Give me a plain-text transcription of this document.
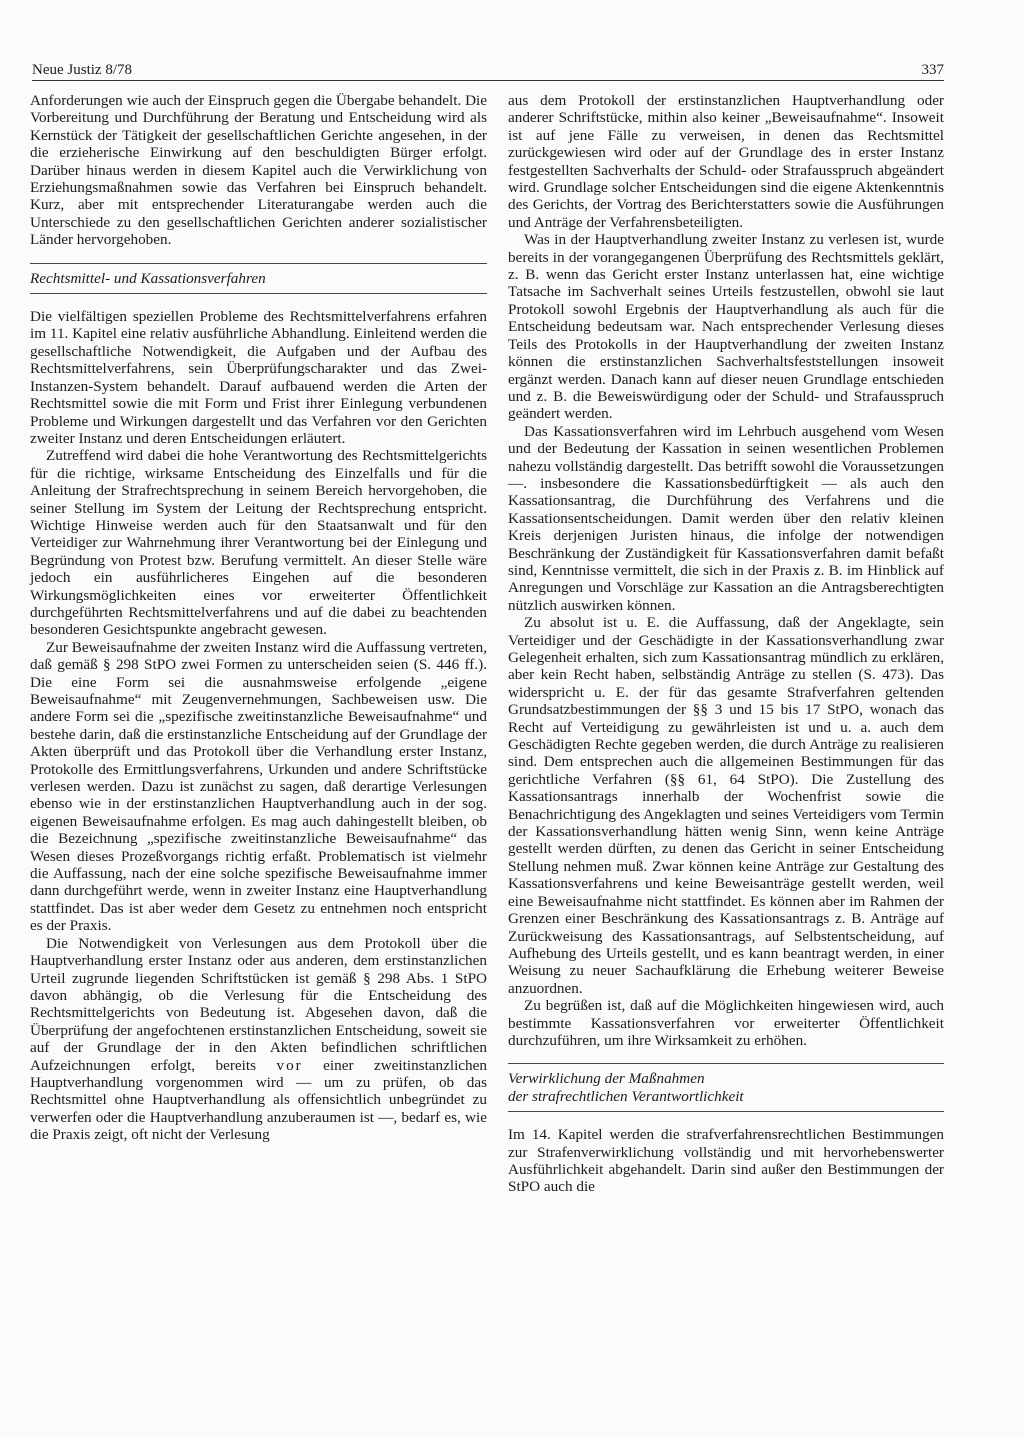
Neue Justiz 8/78	337

Anforderungen wie auch der Einspruch gegen die Übergabe behandelt. Die Vorbereitung und Durchführung der Beratung und Entscheidung wird als Kernstück der Tätigkeit der gesellschaftlichen Gerichte angesehen, in der die erzieherische Einwirkung auf den beschuldigten Bürger erfolgt. Darüber hinaus werden in diesem Kapitel auch die Verwirklichung von Erziehungsmaßnahmen sowie das Verfahren bei Einspruch behandelt. Kurz, aber mit entsprechender Literaturangabe werden auch die Unterschiede zu den gesellschaftlichen Gerichten anderer sozialistischer Länder hervorgehoben.

Rechtsmittel- und Kassationsverfahren

Die vielfältigen speziellen Probleme des Rechtsmittelverfahrens erfahren im 11. Kapitel eine relativ ausführliche Abhandlung. Einleitend werden die gesellschaftliche Notwendigkeit, die Aufgaben und der Aufbau des Rechtsmittelverfahrens, sein Überprüfungscharakter und das Zwei-Instanzen-System behandelt. Darauf aufbauend werden die Arten der Rechtsmittel sowie die mit Form und Frist ihrer Einlegung verbundenen Probleme und Wirkungen dargestellt und das Verfahren vor den Gerichten zweiter Instanz und deren Entscheidungen erläutert.

Zutreffend wird dabei die hohe Verantwortung des Rechtsmittelgerichts für die richtige, wirksame Entscheidung des Einzelfalls und für die Anleitung der Strafrechtsprechung in seinem Bereich hervorgehoben, die seiner Stellung im System der Leitung der Rechtsprechung entspricht. Wichtige Hinweise werden auch für den Staatsanwalt und für den Verteidiger zur Wahrnehmung ihrer Verantwortung bei der Einlegung und Begründung von Protest bzw. Berufung vermittelt. An dieser Stelle wäre jedoch ein ausführlicheres Eingehen auf die besonderen Wirkungsmöglichkeiten eines vor erweiterter Öffentlichkeit durchgeführten Rechtsmittelverfahrens und auf die dabei zu beachtenden besonderen Gesichtspunkte angebracht gewesen.

Zur Beweisaufnahme der zweiten Instanz wird die Auffassung vertreten, daß gemäß § 298 StPO zwei Formen zu unterscheiden seien (S. 446 ff.). Die eine Form sei die ausnahmsweise erfolgende „eigene Beweisaufnahme“ mit Zeugenvernehmungen, Sachbeweisen usw. Die andere Form sei die „spezifische zweitinstanzliche Beweisaufnahme“ und bestehe darin, daß die erstinstanzliche Entscheidung auf der Grundlage der Akten überprüft und das Protokoll über die Verhandlung erster Instanz, Protokolle des Ermittlungsverfahrens, Urkunden und andere Schriftstücke verlesen werden. Dazu ist zunächst zu sagen, daß derartige Verlesungen ebenso wie in der erstinstanzlichen Hauptverhandlung auch in der sog. eigenen Beweisaufnahme erfolgen. Es mag auch dahingestellt bleiben, ob die Bezeichnung „spezifische zweitinstanzliche Beweisaufnahme“ das Wesen dieses Prozeßvorgangs richtig erfaßt. Problematisch ist vielmehr die Auffassung, nach der eine solche spezifische Beweisaufnahme immer dann durchgeführt werde, wenn in zweiter Instanz eine Hauptverhandlung stattfindet. Das ist aber weder dem Gesetz zu entnehmen noch entspricht es der Praxis.

Die Notwendigkeit von Verlesungen aus dem Protokoll über die Hauptverhandlung erster Instanz oder aus anderen, dem erstinstanzlichen Urteil zugrunde liegenden Schriftstücken ist gemäß § 298 Abs. 1 StPO davon abhängig, ob die Verlesung für die Entscheidung des Rechtsmittelgerichts von Bedeutung ist. Abgesehen davon, daß die Überprüfung der angefochtenen erstinstanzlichen Entscheidung, soweit sie auf der Grundlage der in den Akten befindlichen schriftlichen Aufzeichnungen erfolgt, bereits vor einer zweitinstanzlichen Hauptverhandlung vorgenommen wird — um zu prüfen, ob das Rechtsmittel ohne Hauptverhandlung als offensichtlich unbegründet zu verwerfen oder die Hauptverhandlung anzuberaumen ist —, bedarf es, wie die Praxis zeigt, oft nicht der Verlesung

aus dem Protokoll der erstinstanzlichen Hauptverhandlung oder anderer Schriftstücke, mithin also keiner „Beweisaufnahme“. Insoweit ist auf jene Fälle zu verweisen, in denen das Rechtsmittel zurückgewiesen wird oder auf der Grundlage des in erster Instanz festgestellten Sachverhalts der Schuld- oder Strafausspruch abgeändert wird. Grundlage solcher Entscheidungen sind die eigene Aktenkenntnis des Gerichts, der Vortrag des Berichterstatters sowie die Ausführungen und Anträge der Verfahrensbeteiligten.

Was in der Hauptverhandlung zweiter Instanz zu verlesen ist, wurde bereits in der vorangegangenen Überprüfung des Rechtsmittels geklärt, z. B. wenn das Gericht erster Instanz unterlassen hat, eine wichtige Tatsache im Sachverhalt seines Urteils festzustellen, obwohl sie laut Protokoll sowohl Ergebnis der Hauptverhandlung als auch für die Entscheidung bedeutsam war. Nach entsprechender Verlesung dieses Teils des Protokolls in der Hauptverhandlung der zweiten Instanz können die erstinstanzlichen Sachverhaltsfeststellungen insoweit ergänzt werden. Danach kann auf dieser neuen Grundlage entschieden und z. B. die Beweiswürdigung oder der Schuld- und Strafausspruch geändert werden.

Das Kassationsverfahren wird im Lehrbuch ausgehend vom Wesen und der Bedeutung der Kassation in seinen wesentlichen Problemen nahezu vollständig dargestellt. Das betrifft sowohl die Voraussetzungen —. insbesondere die Kassationsbedürftigkeit — als auch den Kassationsantrag, die Durchführung des Verfahrens und die Kassationsentscheidungen. Damit werden über den relativ kleinen Kreis derjenigen Juristen hinaus, die infolge der notwendigen Beschränkung der Zuständigkeit für Kassationsverfahren damit befaßt sind, Kenntnisse vermittelt, die sich in der Praxis z. B. im Hinblick auf Anregungen und Vorschläge zur Kassation an die Antragsberechtigten nützlich auswirken können.

Zu absolut ist u. E. die Auffassung, daß der Angeklagte, sein Verteidiger und der Geschädigte in der Kassationsverhandlung zwar Gelegenheit erhalten, sich zum Kassationsantrag mündlich zu erklären, aber kein Recht haben, selbständig Anträge zu stellen (S. 473). Das widerspricht u. E. der für das gesamte Strafverfahren geltenden Grundsatzbestimmungen der §§ 3 und 15 bis 17 StPO, wonach das Recht auf Verteidigung zu gewährleisten ist und u. a. auch dem Geschädigten Rechte gegeben werden, die durch Anträge zu realisieren sind. Dem entsprechen auch die allgemeinen Bestimmungen für das gerichtliche Verfahren (§§ 61, 64 StPO). Die Zustellung des Kassationsantrags innerhalb der Wochenfrist sowie die Benachrichtigung des Angeklagten und seines Verteidigers vom Termin der Kassationsverhandlung hätten wenig Sinn, wenn keine Anträge gestellt werden dürften, zu denen das Gericht in seiner Entscheidung Stellung nehmen muß. Zwar können keine Anträge zur Gestaltung des Kassationsverfahrens und keine Beweisanträge gestellt werden, weil eine Beweisaufnahme nicht stattfindet. Es können aber im Rahmen der Grenzen einer Beschränkung des Kassationsantrags z. B. Anträge auf Zurückweisung des Kassationsantrags, auf Selbstentscheidung, auf Aufhebung des Urteils gestellt, und es kann beantragt werden, in einer Weisung zu neuer Sachaufklärung die Erhebung weiterer Beweise anzuordnen.

Zu begrüßen ist, daß auf die Möglichkeiten hingewiesen wird, auch bestimmte Kassationsverfahren vor erweiterter Öffentlichkeit durchzuführen, um ihre Wirksamkeit zu erhöhen.

Verwirklichung der Maßnahmen
der strafrechtlichen Verantwortlichkeit

Im 14. Kapitel werden die strafverfahrensrechtlichen Bestimmungen zur Strafenverwirklichung vollständig und mit hervorhebenswerter Ausführlichkeit abgehandelt. Darin sind außer den Bestimmungen der StPO auch die
